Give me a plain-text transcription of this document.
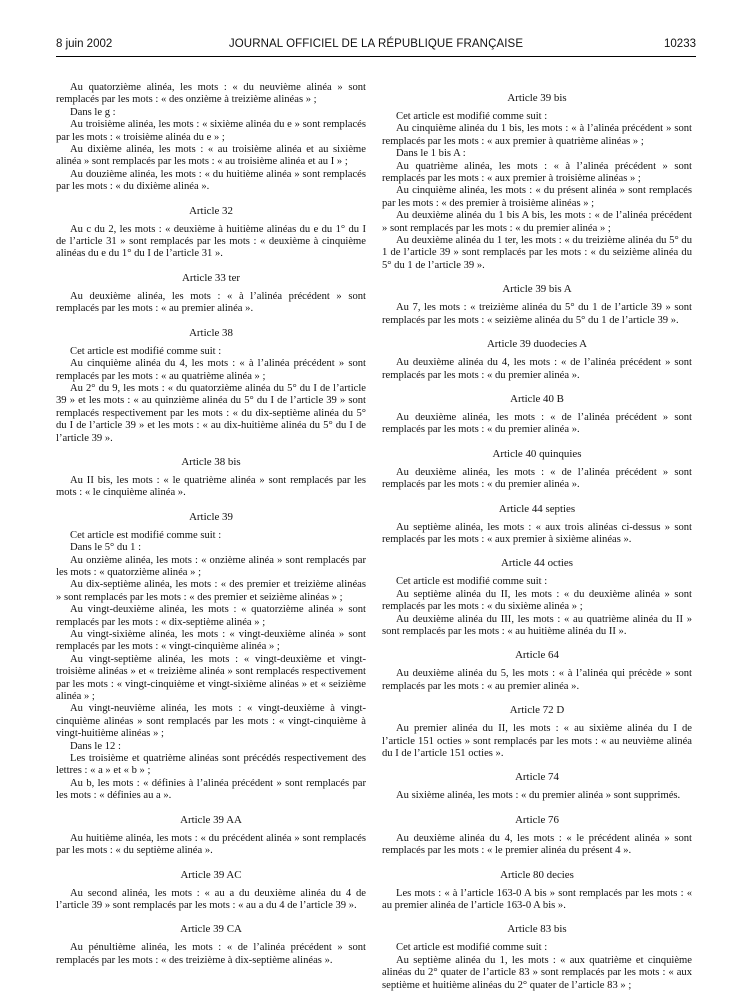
8 juin 2002	JOURNAL OFFICIEL DE LA RÉPUBLIQUE FRANÇAISE	10233

Au quatorzième alinéa, les mots : « du neuvième alinéa » sont remplacés par les mots : « des onzième à treizième alinéas » ;

Dans le g :

Au troisième alinéa, les mots : « sixième alinéa du e » sont remplacés par les mots : « troisième alinéa du e » ;

Au dixième alinéa, les mots : « au troisième alinéa et au sixième alinéa » sont remplacés par les mots : « au troisième alinéa et au I » ;

Au douzième alinéa, les mots : « du huitième alinéa » sont remplacés par les mots : « du dixième alinéa ».

Article 32

Au c du 2, les mots : « deuxième à huitième alinéas du e du 1° du I de l’article 31 » sont remplacés par les mots : « deuxième à cinquième alinéas du e du 1° du I de l’article 31 ».

Article 33 ter

Au deuxième alinéa, les mots : « à l’alinéa précédent » sont remplacés par les mots : « au premier alinéa ».

Article 38

Cet article est modifié comme suit :

Au cinquième alinéa du 4, les mots : « à l’alinéa précédent » sont remplacés par les mots : « au quatrième alinéa » ;

Au 2° du 9, les mots : « du quatorzième alinéa du 5° du I de l’article 39 » et les mots : « au quinzième alinéa du 5° du I de l’article 39 » sont remplacés respectivement par les mots : « du dix-septième alinéa du 5° du I de l’article 39 » et les mots : « au dix-huitième alinéa du 5° du I de l’article 39 ».

Article 38 bis

Au II bis, les mots : « le quatrième alinéa » sont remplacés par les mots : « le cinquième alinéa ».

Article 39

Cet article est modifié comme suit :

Dans le 5° du 1 :

Au onzième alinéa, les mots : « onzième alinéa » sont remplacés par les mots : « quatorzième alinéa » ;

Au dix-septième alinéa, les mots : « des premier et treizième alinéas » sont remplacés par les mots : « des premier et seizième alinéas » ;

Au vingt-deuxième alinéa, les mots : « quatorzième alinéa » sont remplacés par les mots : « dix-septième alinéa » ;

Au vingt-sixième alinéa, les mots : « vingt-deuxième alinéa » sont remplacés par les mots : « vingt-cinquième alinéa » ;

Au vingt-septième alinéa, les mots : « vingt-deuxième et vingt-troisième alinéas » et « treizième alinéa » sont remplacés respectivement par les mots : « vingt-cinquième et vingt-sixième alinéas » et « seizième alinéa » ;

Au vingt-neuvième alinéa, les mots : « vingt-deuxième à vingt-cinquième alinéas » sont remplacés par les mots : « vingt-cinquième à vingt-huitième alinéas » ;

Dans le 12 :

Les troisième et quatrième alinéas sont précédés respectivement des lettres : « a » et « b » ;

Au b, les mots : « définies à l’alinéa précédent » sont remplacés par les mots : « définies au a ».

Article 39 AA

Au huitième alinéa, les mots : « du précédent alinéa » sont remplacés par les mots : « du septième alinéa ».

Article 39 AC

Au second alinéa, les mots : « au a du deuxième alinéa du 4 de l’article 39 » sont remplacés par les mots : « au a du 4 de l’article 39 ».

Article 39 CA

Au pénultième alinéa, les mots : « de l’alinéa précédent » sont remplacés par les mots : « des treizième à dix-septième alinéas ».

Article 39 bis

Cet article est modifié comme suit :

Au cinquième alinéa du 1 bis, les mots : « à l’alinéa précédent » sont remplacés par les mots : « aux premier à quatrième alinéas » ;

Dans le 1 bis A :

Au quatrième alinéa, les mots : « à l’alinéa précédent » sont remplacés par les mots : « aux premier à troisième alinéas » ;

Au cinquième alinéa, les mots : « du présent alinéa » sont remplacés par les mots : « des premier à troisième alinéas » ;

Au deuxième alinéa du 1 bis A bis, les mots : « de l’alinéa précédent » sont remplacés par les mots : « du premier alinéa » ;

Au deuxième alinéa du 1 ter, les mots : « du treizième alinéa du 5° du 1 de l’article 39 » sont remplacés par les mots : « du seizième alinéa du 5° du 1 de l’article 39 ».

Article 39 bis A

Au 7, les mots : « treizième alinéa du 5° du 1 de l’article 39 » sont remplacés par les mots : « seizième alinéa du 5° du 1 de l’article 39 ».

Article 39 duodecies A

Au deuxième alinéa du 4, les mots : « de l’alinéa précédent » sont remplacés par les mots : « du premier alinéa ».

Article 40 B

Au deuxième alinéa, les mots : « de l’alinéa précédent » sont remplacés par les mots : « du premier alinéa ».

Article 40 quinquies

Au deuxième alinéa, les mots : « de l’alinéa précédent » sont remplacés par les mots : « du premier alinéa ».

Article 44 septies

Au septième alinéa, les mots : « aux trois alinéas ci-dessus » sont remplacés par les mots : « aux premier à sixième alinéas ».

Article 44 octies

Cet article est modifié comme suit :

Au septième alinéa du II, les mots : « du deuxième alinéa » sont remplacés par les mots : « du sixième alinéa » ;

Au deuxième alinéa du III, les mots : « au quatrième alinéa du II » sont remplacés par les mots : « au huitième alinéa du II ».

Article 64

Au deuxième alinéa du 5, les mots : « à l’alinéa qui précède » sont remplacés par les mots : « au premier alinéa ».

Article 72 D

Au premier alinéa du II, les mots : « au sixième alinéa du I de l’article 151 octies » sont remplacés par les mots : « au neuvième alinéa du I de l’article 151 octies ».

Article 74

Au sixième alinéa, les mots : « du premier alinéa » sont supprimés.

Article 76

Au deuxième alinéa du 4, les mots : « le précédent alinéa » sont remplacés par les mots : « le premier alinéa du présent 4 ».

Article 80 decies

Les mots : « à l’article 163-0 A bis » sont remplacés par les mots : « au premier alinéa de l’article 163-0 A bis ».

Article 83 bis

Cet article est modifié comme suit :

Au septième alinéa du 1, les mots : « aux quatrième et cinquième alinéas du 2° quater de l’article 83 » sont remplacés par les mots : « aux septième et huitième alinéas du 2° quater de l’article 83 » ;
